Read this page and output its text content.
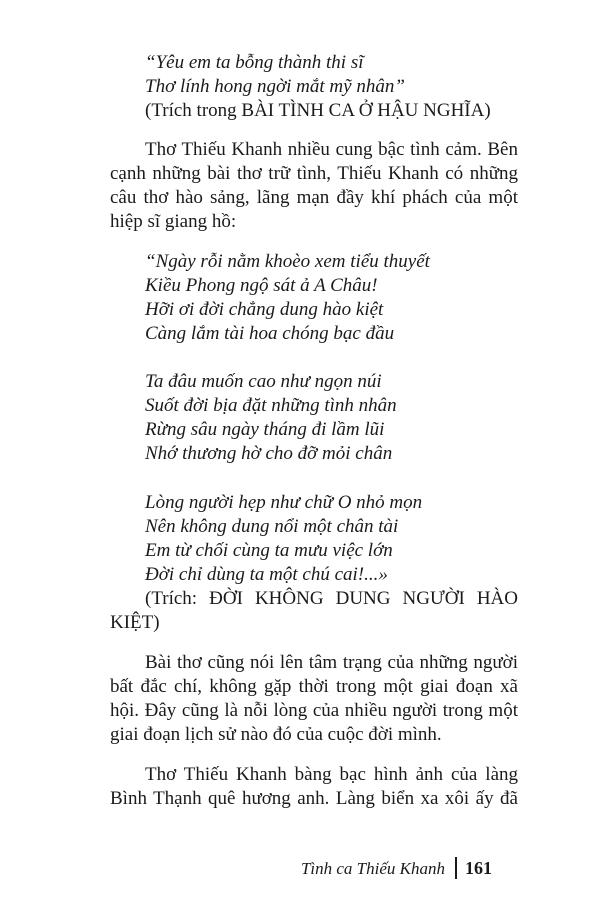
“Yêu em ta bỗng thành thi sĩ
Thơ lính hong ngời mắt mỹ nhân”
(Trích trong BÀI TÌNH CA Ở HẬU NGHĨA)
Thơ Thiếu Khanh nhiều cung bậc tình cảm. Bên
cạnh những bài thơ trữ tình, Thiếu Khanh có những
câu thơ hào sảng, lãng mạn đầy khí phách của một
hiệp sĩ giang hồ:
“Ngày rỗi nằm khoèo xem tiểu thuyết
Kiều Phong ngộ sát ả A Châu!
Hỡi ơi đời chẳng dung hào kiệt
Càng lắm tài hoa chóng bạc đầu
Ta đâu muốn cao như ngọn núi
Suốt đời bịa đặt những tình nhân
Rừng sâu ngày tháng đi lầm lũi
Nhớ thương hờ cho đỡ mỏi chân
Lòng người hẹp như chữ O nhỏ mọn
Nên không dung nổi một chân tài
Em từ chối cùng ta mưu việc lớn
Đời chỉ dùng ta một chú cai!...»
(Trích: ĐỜI KHÔNG DUNG NGƯỜI HÀO
KIỆT)
Bài thơ cũng nói lên tâm trạng của những người
bất đắc chí, không gặp thời trong một giai đoạn xã
hội. Đây cũng là nỗi lòng của nhiều người trong một
giai đoạn lịch sử nào đó của cuộc đời mình.
Thơ Thiếu Khanh bàng bạc hình ảnh của làng
Bình Thạnh quê hương anh. Làng biển xa xôi ấy đã
Tình ca Thiếu Khanh 161
